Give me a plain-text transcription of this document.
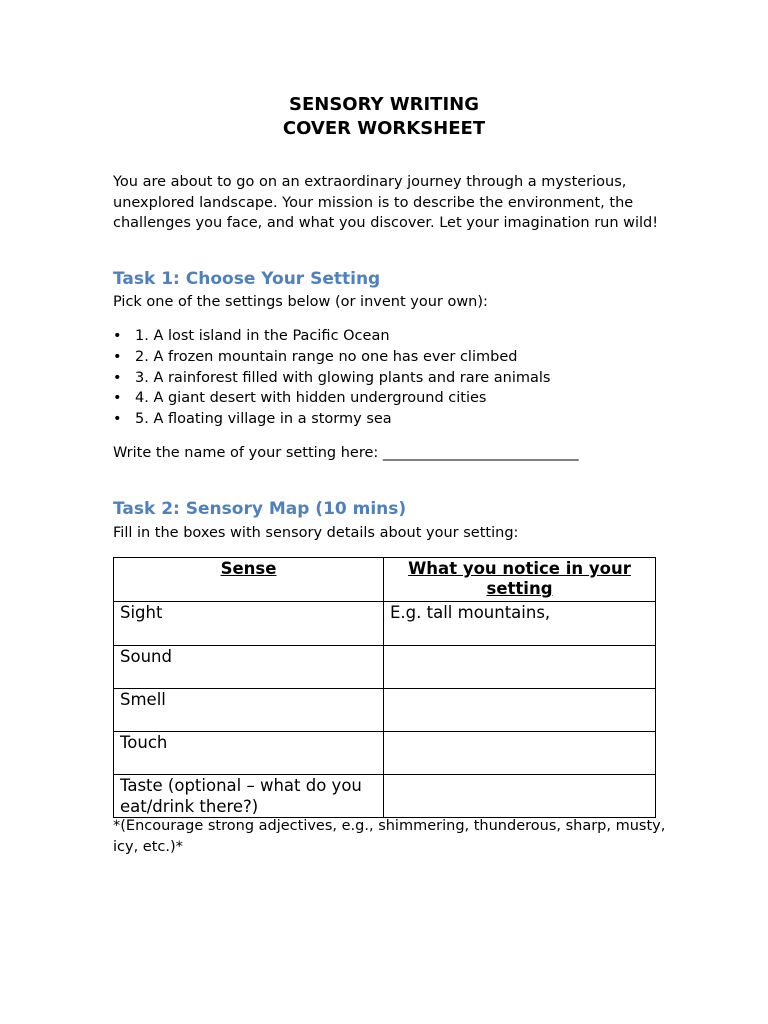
SENSORY WRITING
COVER WORKSHEET

You are about to go on an extraordinary journey through a mysterious, unexplored landscape. Your mission is to describe the environment, the challenges you face, and what you discover. Let your imagination run wild!

Task 1: Choose Your Setting

Pick one of the settings below (or invent your own):

• 1. A lost island in the Pacific Ocean
• 2. A frozen mountain range no one has ever climbed
• 3. A rainforest filled with glowing plants and rare animals
• 4. A giant desert with hidden underground cities
• 5. A floating village in a stormy sea

Write the name of your setting here: ___________________________

Task 2: Sensory Map (10 mins)

Fill in the boxes with sensory details about your setting:

Sense	What you notice in your setting
Sight	E.g. tall mountains,
Sound	
Smell	
Touch	
Taste (optional – what do you eat/drink there?)	

*(Encourage strong adjectives, e.g., shimmering, thunderous, sharp, musty, icy, etc.)*
